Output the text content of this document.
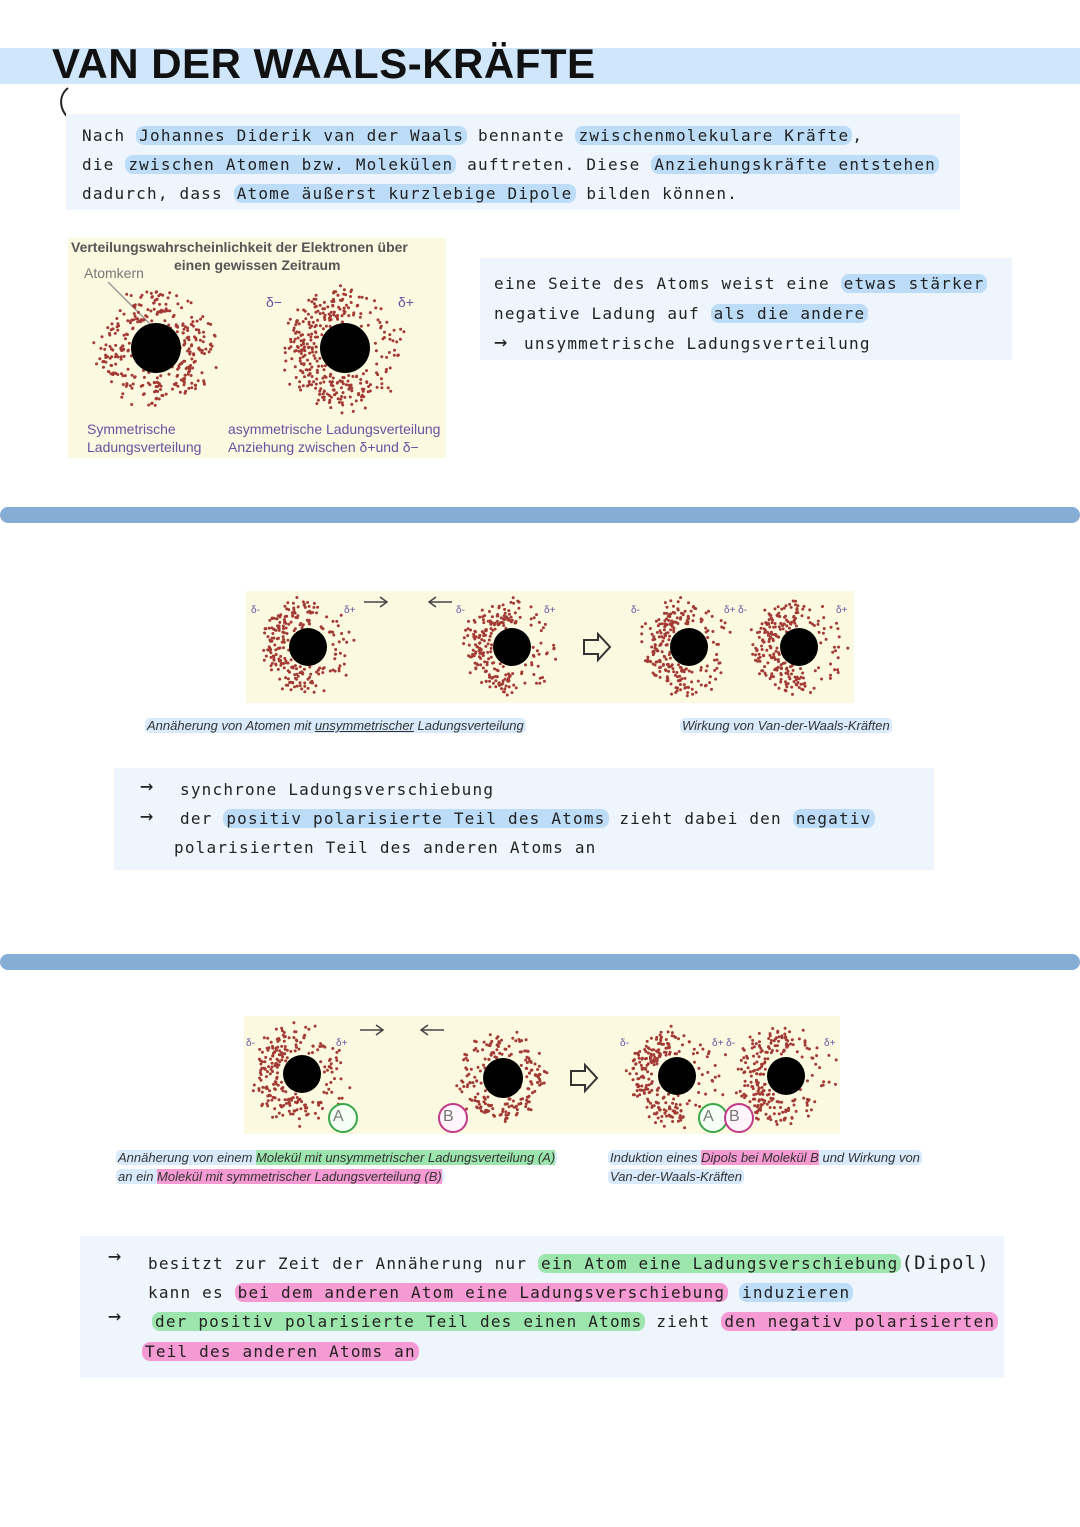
VAN DER WAALS-KRÄFTE

Nach Johannes Diderik van der Waals bennante zwischenmolekulare Kräfte ,

die zwischen Atomen bzw. Molekülen auftreten. Diese Anziehungskräfte entstehen

dadurch, dass Atome äußerst kurzlebige Dipole bilden können.

Verteilungswahrscheinlichkeit der Elektronen über
einen gewissen Zeitraum
Atomkern
δ−	δ+
Symmetrische
Ladungsverteilung
asymmetrische Ladungsverteilung
Anziehung zwischen δ+und δ−

eine Seite des Atoms weist eine etwas stärker

negative Ladung auf als die andere

→ unsymmetrische Ladungsverteilung

δ-	δ+	δ-	δ+	δ-	δ+ δ-	δ+
Annäherung von Atomen mit unsymmetrischer Ladungsverteilung	Wirkung von Van-der-Waals-Kräften

→ synchrone Ladungsverschiebung

→ der positiv polarisierte Teil des Atoms zieht dabei den negativ

polarisierten Teil des anderen Atoms an

δ-	δ+	δ-	δ+ δ-	δ+
A	B	A B
Annäherung von einem Molekül mit unsymmetrischer Ladungsverteilung (A)
an ein Molekül mit symmetrischer Ladungsverteilung (B)
Induktion eines Dipols bei Molekül B und Wirkung von
Van-der-Waals-Kräften

→ besitzt zur Zeit der Annäherung nur ein Atom eine Ladungsverschiebung (Dipol)

kann es bei dem anderen Atom eine Ladungsverschiebung induzieren

→ der positiv polarisierte Teil des einen Atoms zieht den negativ polarisierten

Teil des anderen Atoms an
